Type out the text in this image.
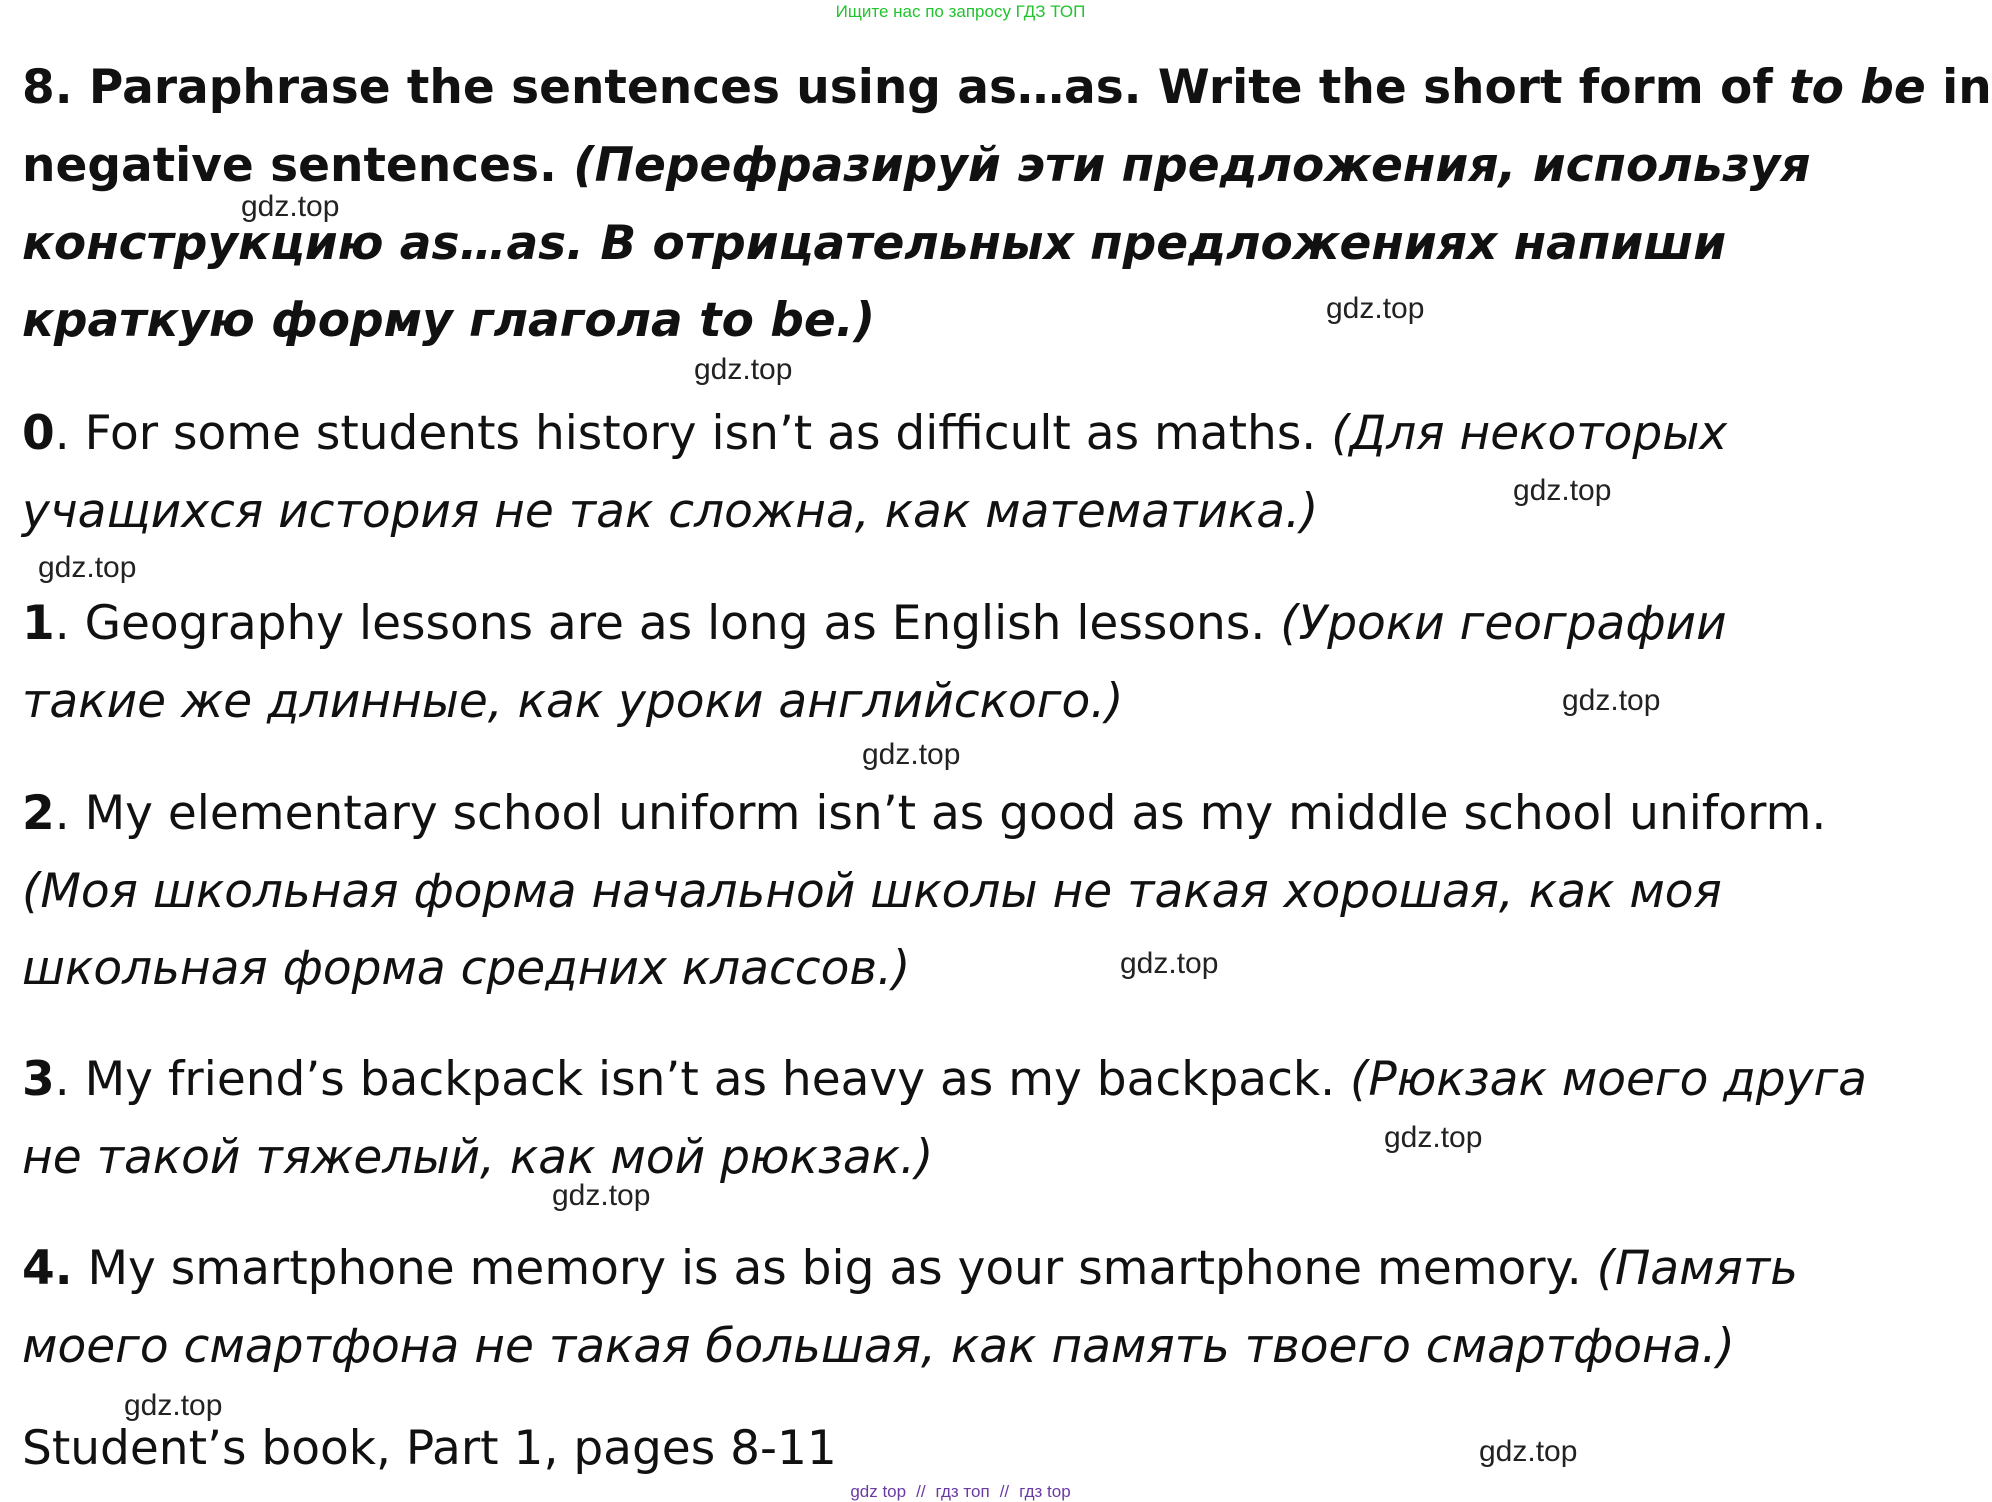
Ищите нас по запросу ГДЗ ТОП
8. Paraphrase the sentences using as…as. Write the short form of to be in
negative sentences. (Перефразируй эти предложения, используя
конструкцию as…as. В отрицательных предложениях напиши
краткую форму глагола to be.)
0. For some students history isn’t as difficult as maths. (Для некоторых
учащихся история не так сложна, как математика.)
1. Geography lessons are as long as English lessons. (Уроки географии
такие же длинные, как уроки английского.)
2. My elementary school uniform isn’t as good as my middle school uniform.
(Моя школьная форма начальной школы не такая хорошая, как моя
школьная форма средних классов.)
3. My friend’s backpack isn’t as heavy as my backpack. (Рюкзак моего друга
не такой тяжелый, как мой рюкзак.)
4. My smartphone memory is as big as your smartphone memory. (Память
моего смартфона не такая большая, как память твоего смартфона.)
Student’s book, Part 1, pages 8-11
gdz.top
gdz.top
gdz.top
gdz.top
gdz.top
gdz.top
gdz.top
gdz.top
gdz.top
gdz.top
gdz.top
gdz.top
gdz top // гдз топ // гдз top
